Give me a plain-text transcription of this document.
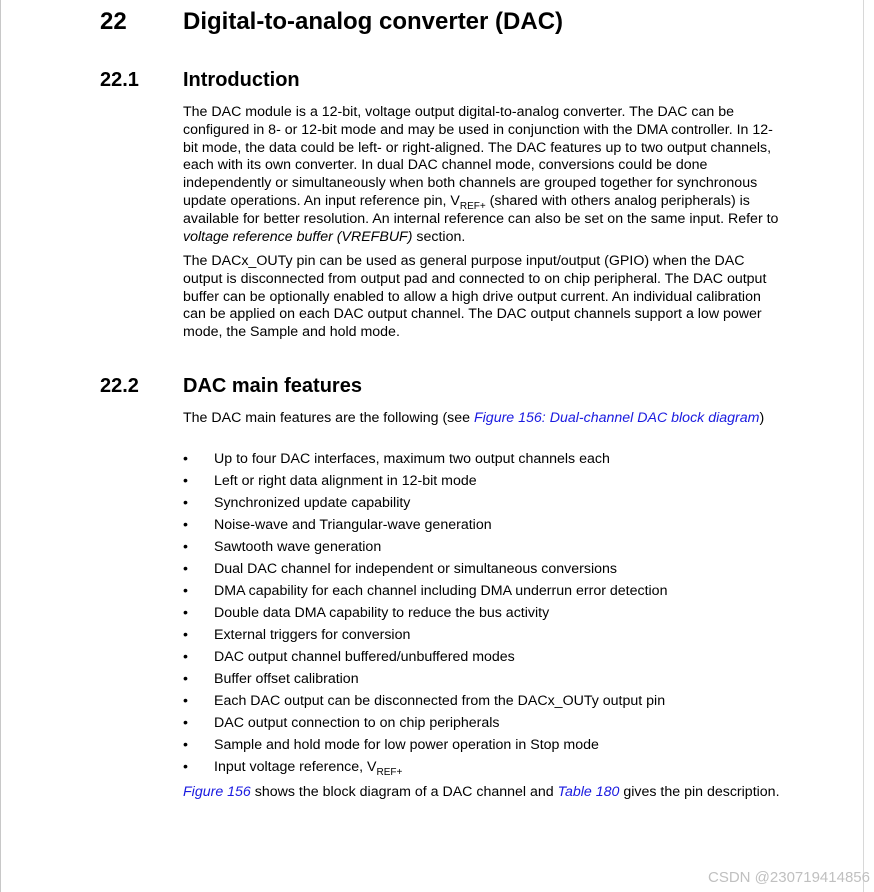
22 Digital-to-analog converter (DAC)
22.1 Introduction
The DAC module is a 12-bit, voltage output digital-to-analog converter. The DAC can be configured in 8- or 12-bit mode and may be used in conjunction with the DMA controller. In 12-bit mode, the data could be left- or right-aligned. The DAC features up to two output channels, each with its own converter. In dual DAC channel mode, conversions could be done independently or simultaneously when both channels are grouped together for synchronous update operations. An input reference pin, $V_{REF+}$ (shared with others analog peripherals) is available for better resolution. An internal reference can also be set on the same input. Refer to voltage reference buffer (VREFBUF) section.
The DACx_OUTy pin can be used as general purpose input/output (GPIO) when the DAC output is disconnected from output pad and connected to on chip peripheral. The DAC output buffer can be optionally enabled to allow a high drive output current. An individual calibration can be applied on each DAC output channel. The DAC output channels support a low power mode, the Sample and hold mode.
22.2 DAC main features
The DAC main features are the following (see Figure 156: Dual-channel DAC block diagram)
• Up to four DAC interfaces, maximum two output channels each
• Left or right data alignment in 12-bit mode
• Synchronized update capability
• Noise-wave and Triangular-wave generation
• Sawtooth wave generation
• Dual DAC channel for independent or simultaneous conversions
• DMA capability for each channel including DMA underrun error detection
• Double data DMA capability to reduce the bus activity
• External triggers for conversion
• DAC output channel buffered/unbuffered modes
• Buffer offset calibration
• Each DAC output can be disconnected from the DACx_OUTy output pin
• DAC output connection to on chip peripherals
• Sample and hold mode for low power operation in Stop mode
• Input voltage reference, $V_{REF+}$
Figure 156 shows the block diagram of a DAC channel and Table 180 gives the pin description.
CSDN @230719414856
